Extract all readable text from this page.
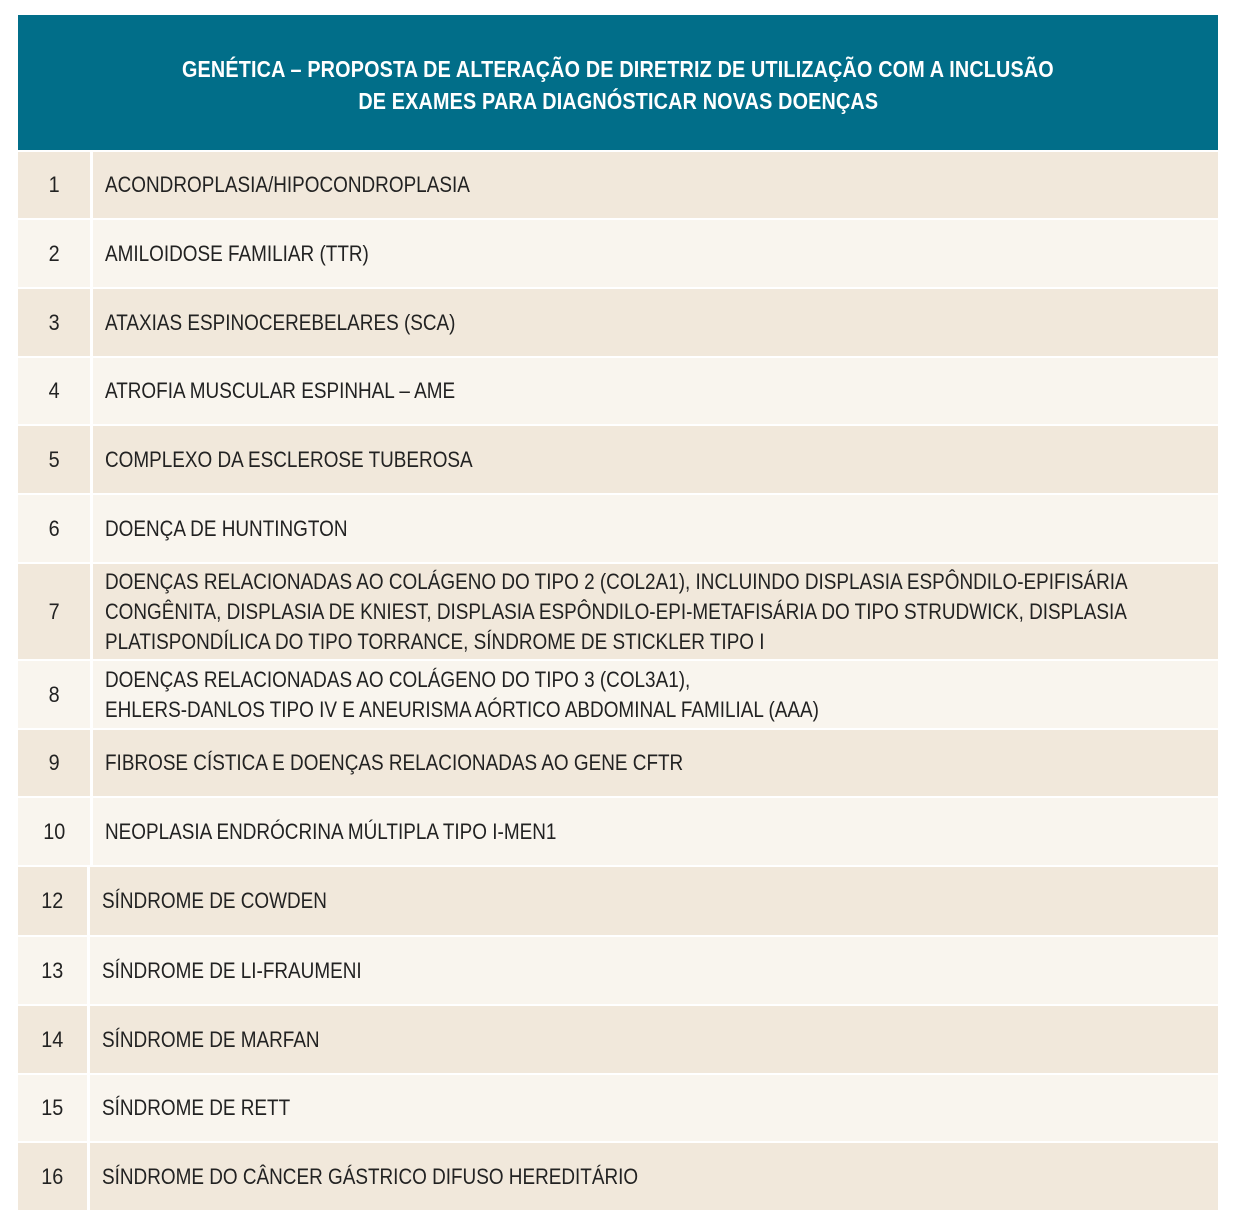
GENÉTICA – PROPOSTA DE ALTERAÇÃO DE DIRETRIZ DE UTILIZAÇÃO COM A INCLUSÃO
DE EXAMES PARA DIAGNÓSTICAR NOVAS DOENÇAS
1 ACONDROPLASIA/HIPOCONDROPLASIA
2 AMILOIDOSE FAMILIAR (TTR)
3 ATAXIAS ESPINOCEREBELARES (SCA)
4 ATROFIA MUSCULAR ESPINHAL – AME
5 COMPLEXO DA ESCLEROSE TUBEROSA
6 DOENÇA DE HUNTINGTON
7
DOENÇAS RELACIONADAS AO COLÁGENO DO TIPO 2 (COL2A1), INCLUINDO DISPLASIA ESPÔNDILO-EPIFISÁRIA
CONGÊNITA, DISPLASIA DE KNIEST, DISPLASIA ESPÔNDILO-EPI-METAFISÁRIA DO TIPO STRUDWICK, DISPLASIA
PLATISPONDÍLICA DO TIPO TORRANCE, SÍNDROME DE STICKLER TIPO I
8
DOENÇAS RELACIONADAS AO COLÁGENO DO TIPO 3 (COL3A1),
EHLERS-DANLOS TIPO IV E ANEURISMA AÓRTICO ABDOMINAL FAMILIAL (AAA)
9 FIBROSE CÍSTICA E DOENÇAS RELACIONADAS AO GENE CFTR
10 NEOPLASIA ENDRÓCRINA MÚLTIPLA TIPO I-MEN1
12 SÍNDROME DE COWDEN
13 SÍNDROME DE LI-FRAUMENI
14 SÍNDROME DE MARFAN
15 SÍNDROME DE RETT
16 SÍNDROME DO CÂNCER GÁSTRICO DIFUSO HEREDITÁRIO
